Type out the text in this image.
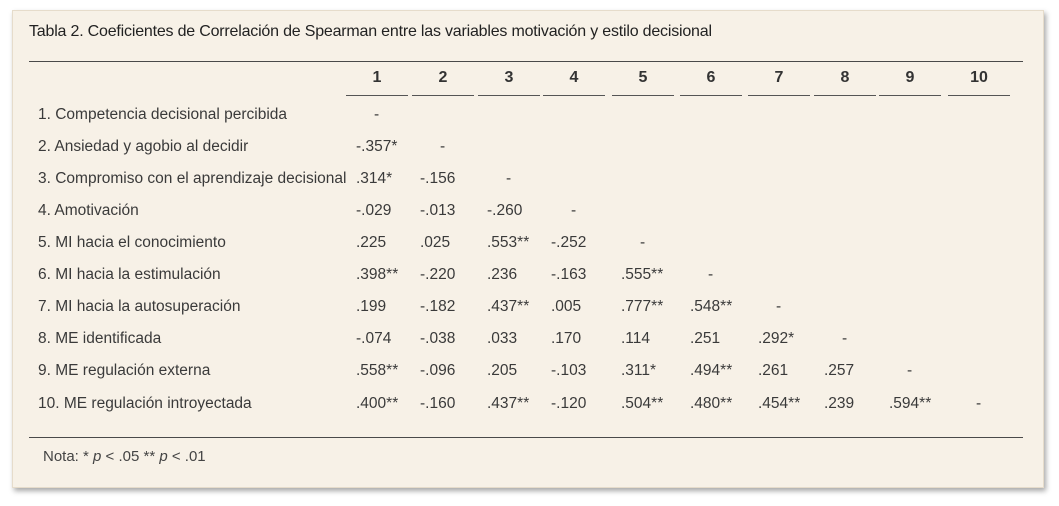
Tabla 2. Coeficientes de Correlación de Spearman entre las variables motivación y estilo decisional
1	2	3	4	5	6	7	8	9	10
1. Competencia decisional percibida	-
2. Ansiedad y agobio al decidir	-.357*	-
3. Compromiso con el aprendizaje decisional .314* -.156	-
4. Amotivación	-.029 -.013 -.260	-
5. MI hacia el conocimiento	.225 .025 .553** -.252	-
6. MI hacia la estimulación	.398** -.220 .236 -.163 .555**	-
7. MI hacia la autosuperación	.199 -.182 .437** .005	.777** .548**	-
8. ME identificada	-.074 -.038 .033 .170	.114	.251 .292*	-
9. ME regulación externa	.558** -.096 .205 -.103 .311* .494** .261 .257	-
10. ME regulación introyectada	.400** -.160 .437** -.120 .504** .480** .454** .239 .594**	-
Nota: * p < .05 ** p < .01
